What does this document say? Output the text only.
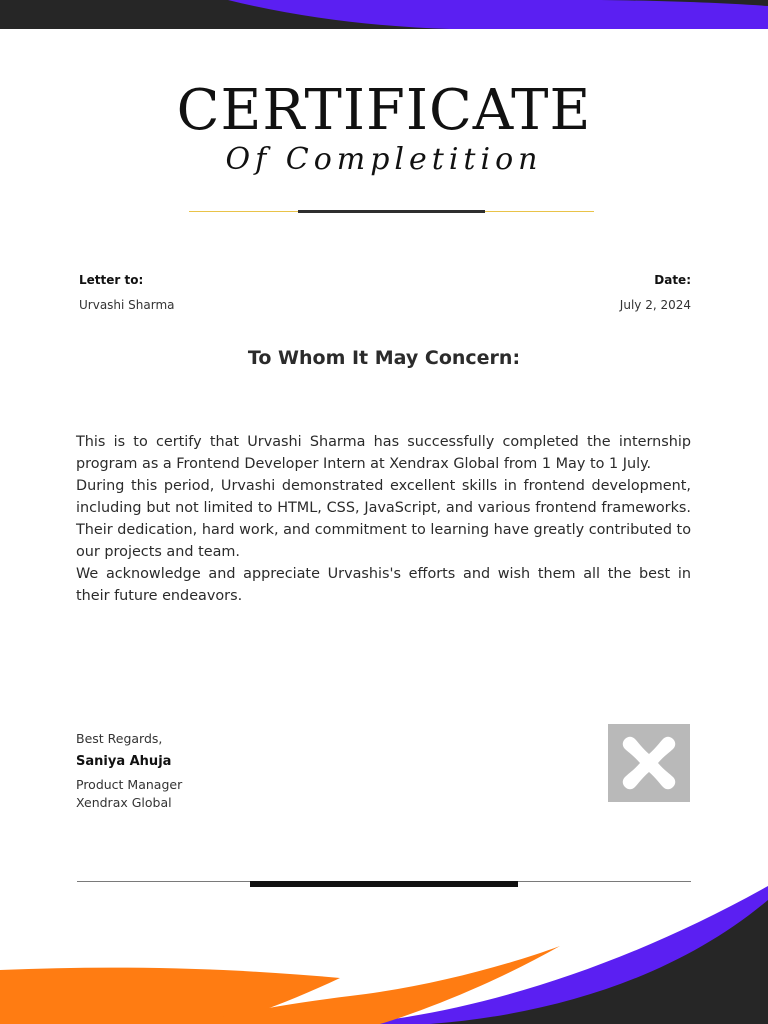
CERTIFICATE
Of Completition
Letter to:
Urvashi Sharma
Date:
July 2, 2024
To Whom It May Concern:

This is to certify that Urvashi Sharma has successfully completed the internship program as a Frontend Developer Intern at Xendrax Global from 1 May to 1 July.

During this period, Urvashi demonstrated excellent skills in frontend development, including but not limited to HTML, CSS, JavaScript, and various frontend frameworks. Their dedication, hard work, and commitment to learning have greatly contributed to our projects and team.

We acknowledge and appreciate Urvashis's efforts and wish them all the best in their future endeavors.

Best Regards,
Saniya Ahuja
Product Manager
Xendrax Global
